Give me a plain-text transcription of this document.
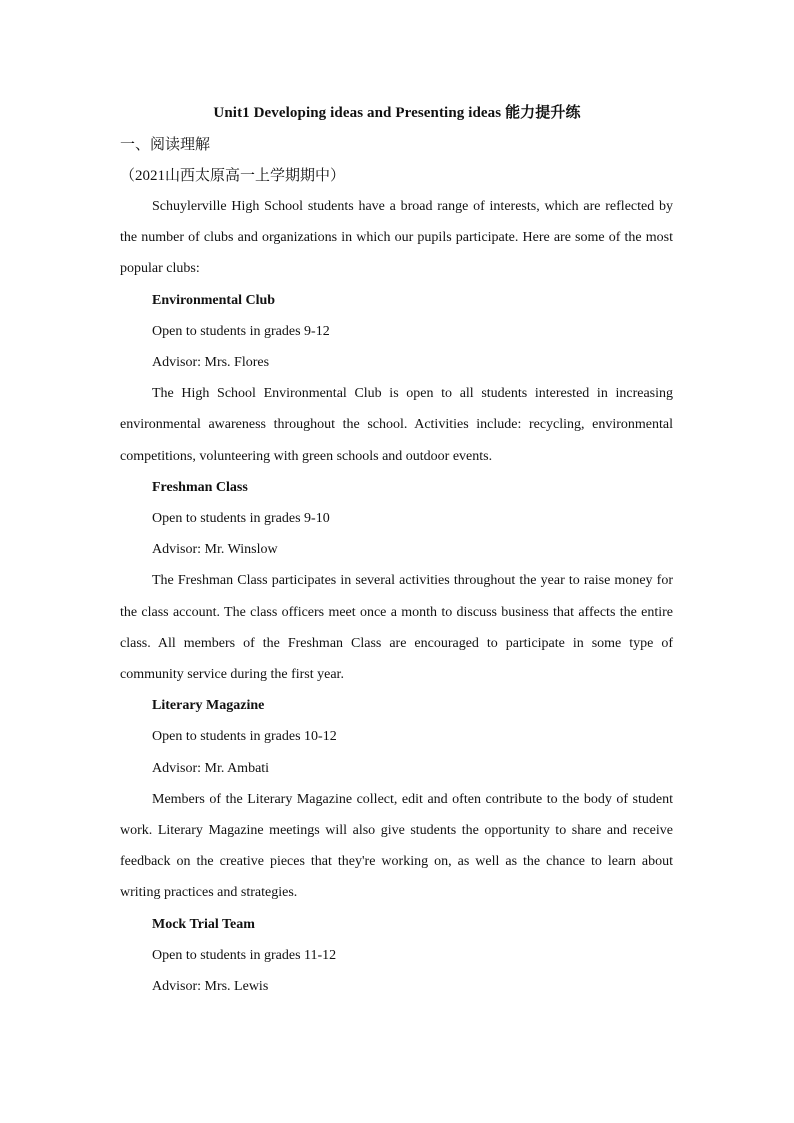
Unit1 Developing ideas and Presenting ideas 能力提升练
一、阅读理解
（2021山西太原高一上学期期中）

Schuylerville High School students have a broad range of interests, which are reflected by the number of clubs and organizations in which our pupils participate. Here are some of the most popular clubs:

Environmental Club

Open to students in grades 9-12

Advisor: Mrs. Flores

The High School Environmental Club is open to all students interested in increasing environmental awareness throughout the school. Activities include: recycling, environmental competitions, volunteering with green schools and outdoor events.

Freshman Class

Open to students in grades 9-10

Advisor: Mr. Winslow

The Freshman Class participates in several activities throughout the year to raise money for the class account. The class officers meet once a month to discuss business that affects the entire class. All members of the Freshman Class are encouraged to participate in some type of community service during the first year.

Literary Magazine

Open to students in grades 10-12

Advisor: Mr. Ambati

Members of the Literary Magazine collect, edit and often contribute to the body of student work. Literary Magazine meetings will also give students the opportunity to share and receive feedback on the creative pieces that they're working on, as well as the chance to learn about writing practices and strategies.

Mock Trial Team

Open to students in grades 11-12

Advisor: Mrs. Lewis
